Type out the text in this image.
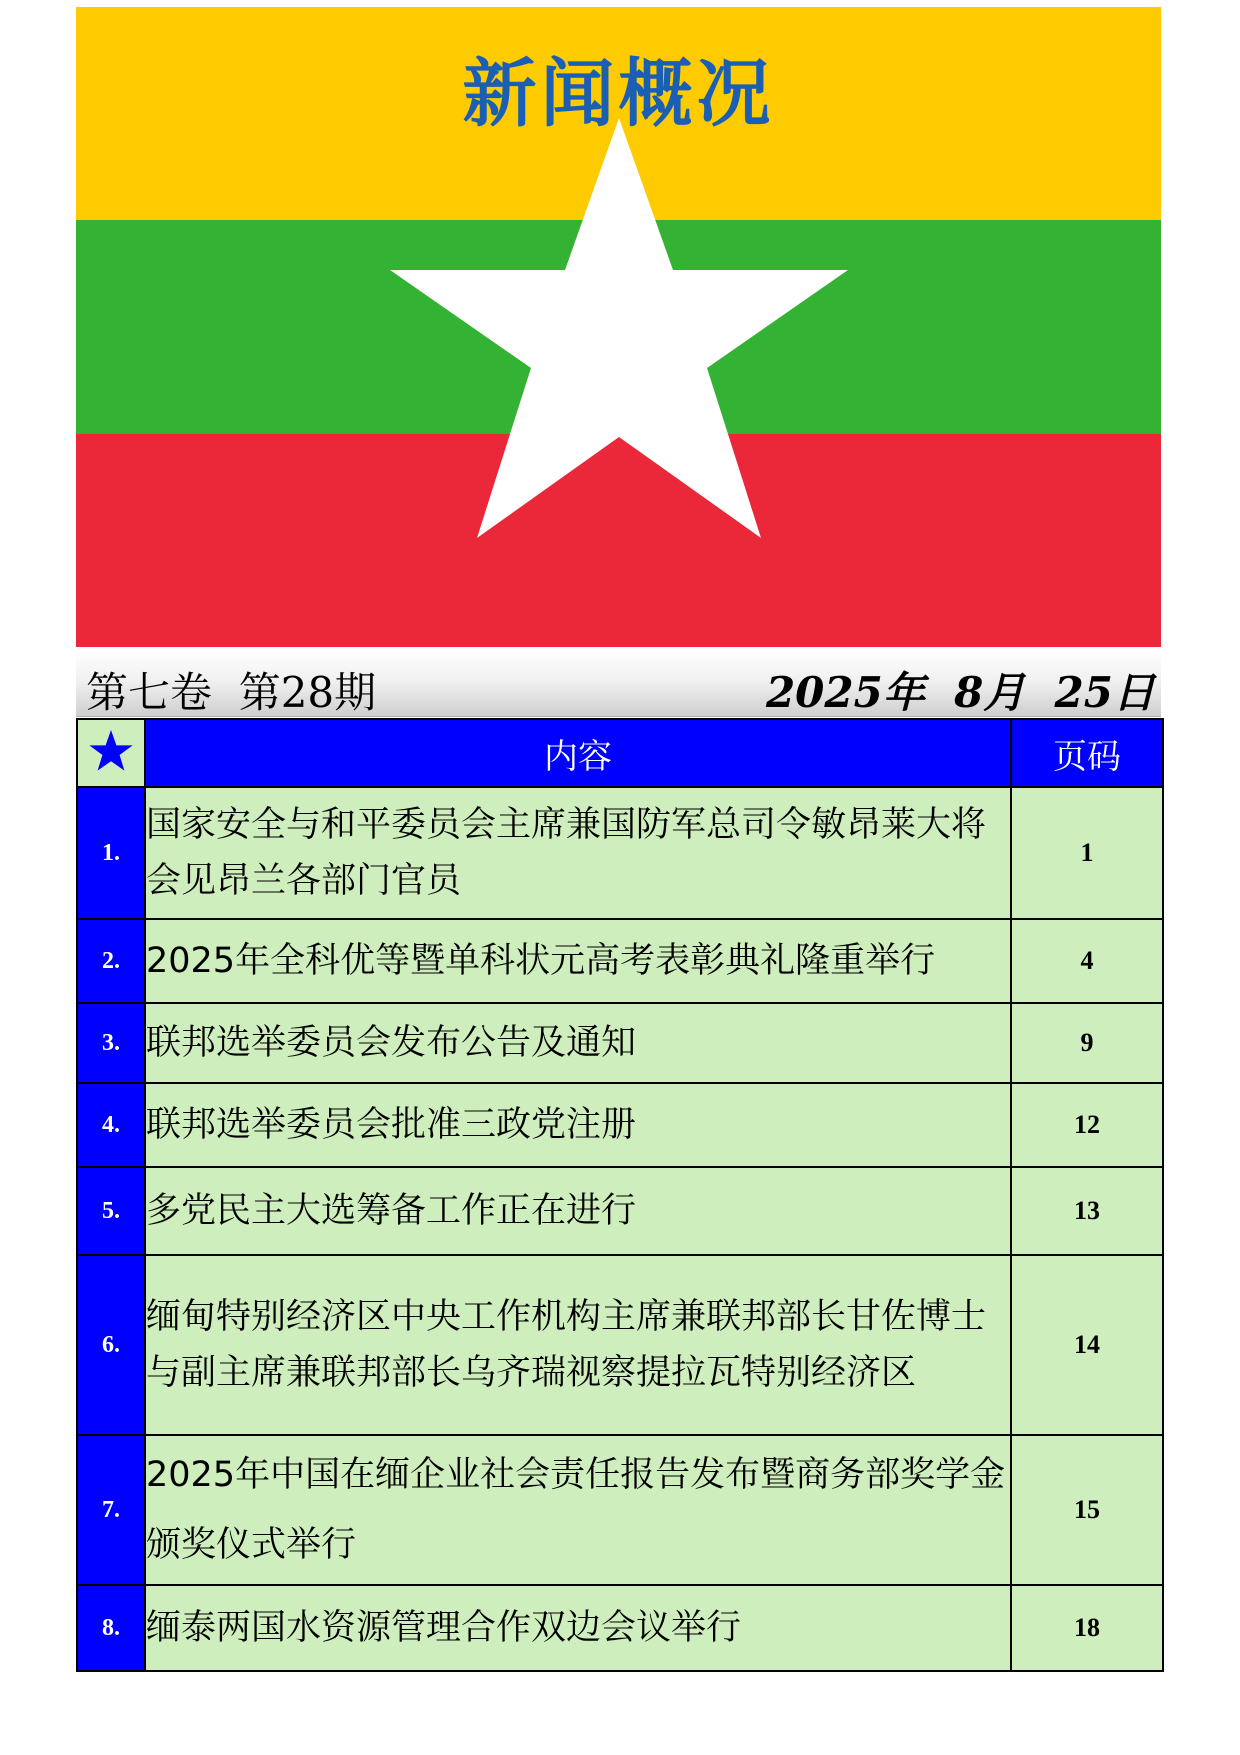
新闻概况
第七卷  第28期	2025年  8月  25日
	内容	页码
1.	国家安全与和平委员会主席兼国防军总司令敏昂莱大将会见昂兰各部门官员	1
2.	2025年全科优等暨单科状元高考表彰典礼隆重举行	4
3.	联邦选举委员会发布公告及通知	9
4.	联邦选举委员会批准三政党注册	12
5.	多党民主大选筹备工作正在进行	13
6.	缅甸特别经济区中央工作机构主席兼联邦部长甘佐博士与副主席兼联邦部长乌齐瑞视察提拉瓦特别经济区	14
7.	2025年中国在缅企业社会责任报告发布暨商务部奖学金颁奖仪式举行	15
8.	缅泰两国水资源管理合作双边会议举行	18
